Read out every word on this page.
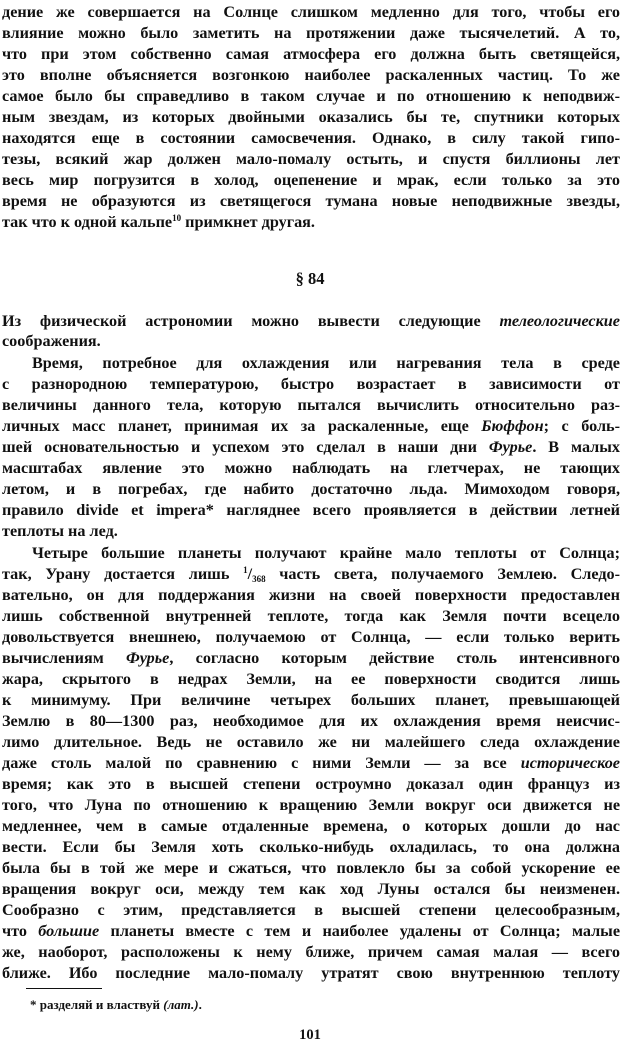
дение же совершается на Солнце слишком медленно для того, чтобы его
влияние можно было заметить на протяжении даже тысячелетий. А то,
что при этом собственно самая атмосфера его должна быть светящейся,
это вполне объясняется возгонкою наиболее раскаленных частиц. То же
самое было бы справедливо в таком случае и по отношению к неподвиж-
ным звездам, из которых двойными оказались бы те, спутники которых
находятся еще в состоянии самосвечения. Однако, в силу такой гипо-
тезы, всякий жар должен мало-помалу остыть, и спустя биллионы лет
весь мир погрузится в холод, оцепенение и мрак, если только за это
время не образуются из светящегося тумана новые неподвижные звезды,
так что к одной кальпе$^{10}$ примкнет другая.
§ 84
Из физической астрономии можно вывести следующие телеологические
соображения.
Время, потребное для охлаждения или нагревания тела в среде
с разнородною температурою, быстро возрастает в зависимости от
величины данного тела, которую пытался вычислить относительно раз-
личных масс планет, принимая их за раскаленные, еще Бюффон; с боль-
шей основательностью и успехом это сделал в наши дни Фурье. В малых
масштабах явление это можно наблюдать на глетчерах, не тающих
летом, и в погребах, где набито достаточно льда. Мимоходом говоря,
правило divide et impera* нагляднее всего проявляется в действии летней
теплоты на лед.
Четыре большие планеты получают крайне мало теплоты от Солнца;
так, Урану достается лишь $^1/_{368}$ часть света, получаемого Землею. Следо-
вательно, он для поддержания жизни на своей поверхности предоставлен
лишь собственной внутренней теплоте, тогда как Земля почти всецело
довольствуется внешнею, получаемою от Солнца, — если только верить
вычислениям Фурье, согласно которым действие столь интенсивного
жара, скрытого в недрах Земли, на ее поверхности сводится лишь
к минимуму. При величине четырех больших планет, превышающей
Землю в 80—1300 раз, необходимое для их охлаждения время неисчис-
лимо длительное. Ведь не оставило же ни малейшего следа охлаждение
даже столь малой по сравнению с ними Земли — за все историческое
время; как это в высшей степени остроумно доказал один француз из
того, что Луна по отношению к вращению Земли вокруг оси движется не
медленнее, чем в самые отдаленные времена, о которых дошли до нас
вести. Если бы Земля хоть сколько-нибудь охладилась, то она должна
была бы в той же мере и сжаться, что повлекло бы за собой ускорение ее
вращения вокруг оси, между тем как ход Луны остался бы неизменен.
Сообразно с этим, представляется в высшей степени целесообразным,
что большие планеты вместе с тем и наиболее удалены от Солнца; малые
же, наоборот, расположены к нему ближе, причем самая малая — всего
ближе. Ибо последние мало-помалу утратят свою внутреннюю теплоту
* разделяй и властвуй (лат.).
101
